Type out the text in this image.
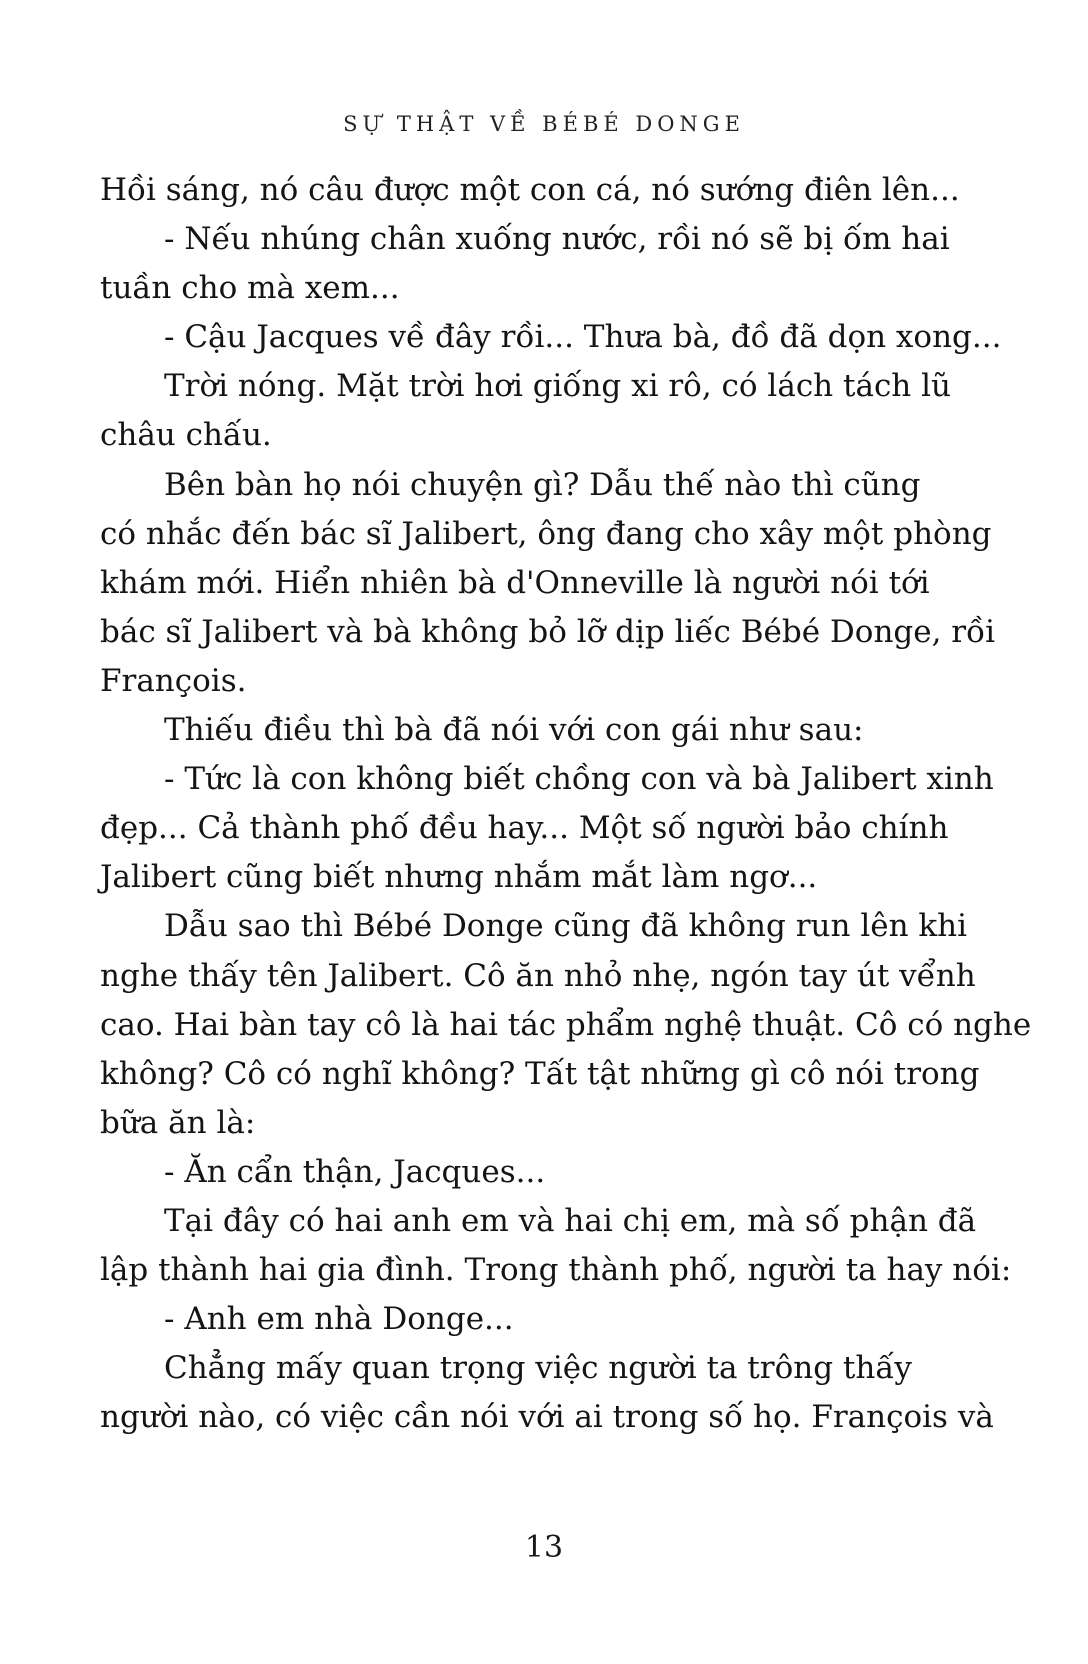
SỰ THẬT VỀ BÉBÉ DONGE
Hồi sáng, nó câu được một con cá, nó sướng điên lên...
- Nếu nhúng chân xuống nước, rồi nó sẽ bị ốm hai
tuần cho mà xem...
- Cậu Jacques về đây rồi... Thưa bà, đồ đã dọn xong...
Trời nóng. Mặt trời hơi giống xi rô, có lách tách lũ
châu chấu.
Bên bàn họ nói chuyện gì? Dẫu thế nào thì cũng
có nhắc đến bác sĩ Jalibert, ông đang cho xây một phòng
khám mới. Hiển nhiên bà d'Onneville là người nói tới
bác sĩ Jalibert và bà không bỏ lỡ dịp liếc Bébé Donge, rồi
François.
Thiếu điều thì bà đã nói với con gái như sau:
- Tức là con không biết chồng con và bà Jalibert xinh
đẹp... Cả thành phố đều hay... Một số người bảo chính
Jalibert cũng biết nhưng nhắm mắt làm ngơ...
Dẫu sao thì Bébé Donge cũng đã không run lên khi
nghe thấy tên Jalibert. Cô ăn nhỏ nhẹ, ngón tay út vểnh
cao. Hai bàn tay cô là hai tác phẩm nghệ thuật. Cô có nghe
không? Cô có nghĩ không? Tất tật những gì cô nói trong
bữa ăn là:
- Ăn cẩn thận, Jacques...
Tại đây có hai anh em và hai chị em, mà số phận đã
lập thành hai gia đình. Trong thành phố, người ta hay nói:
- Anh em nhà Donge...
Chẳng mấy quan trọng việc người ta trông thấy
người nào, có việc cần nói với ai trong số họ. François và
13
